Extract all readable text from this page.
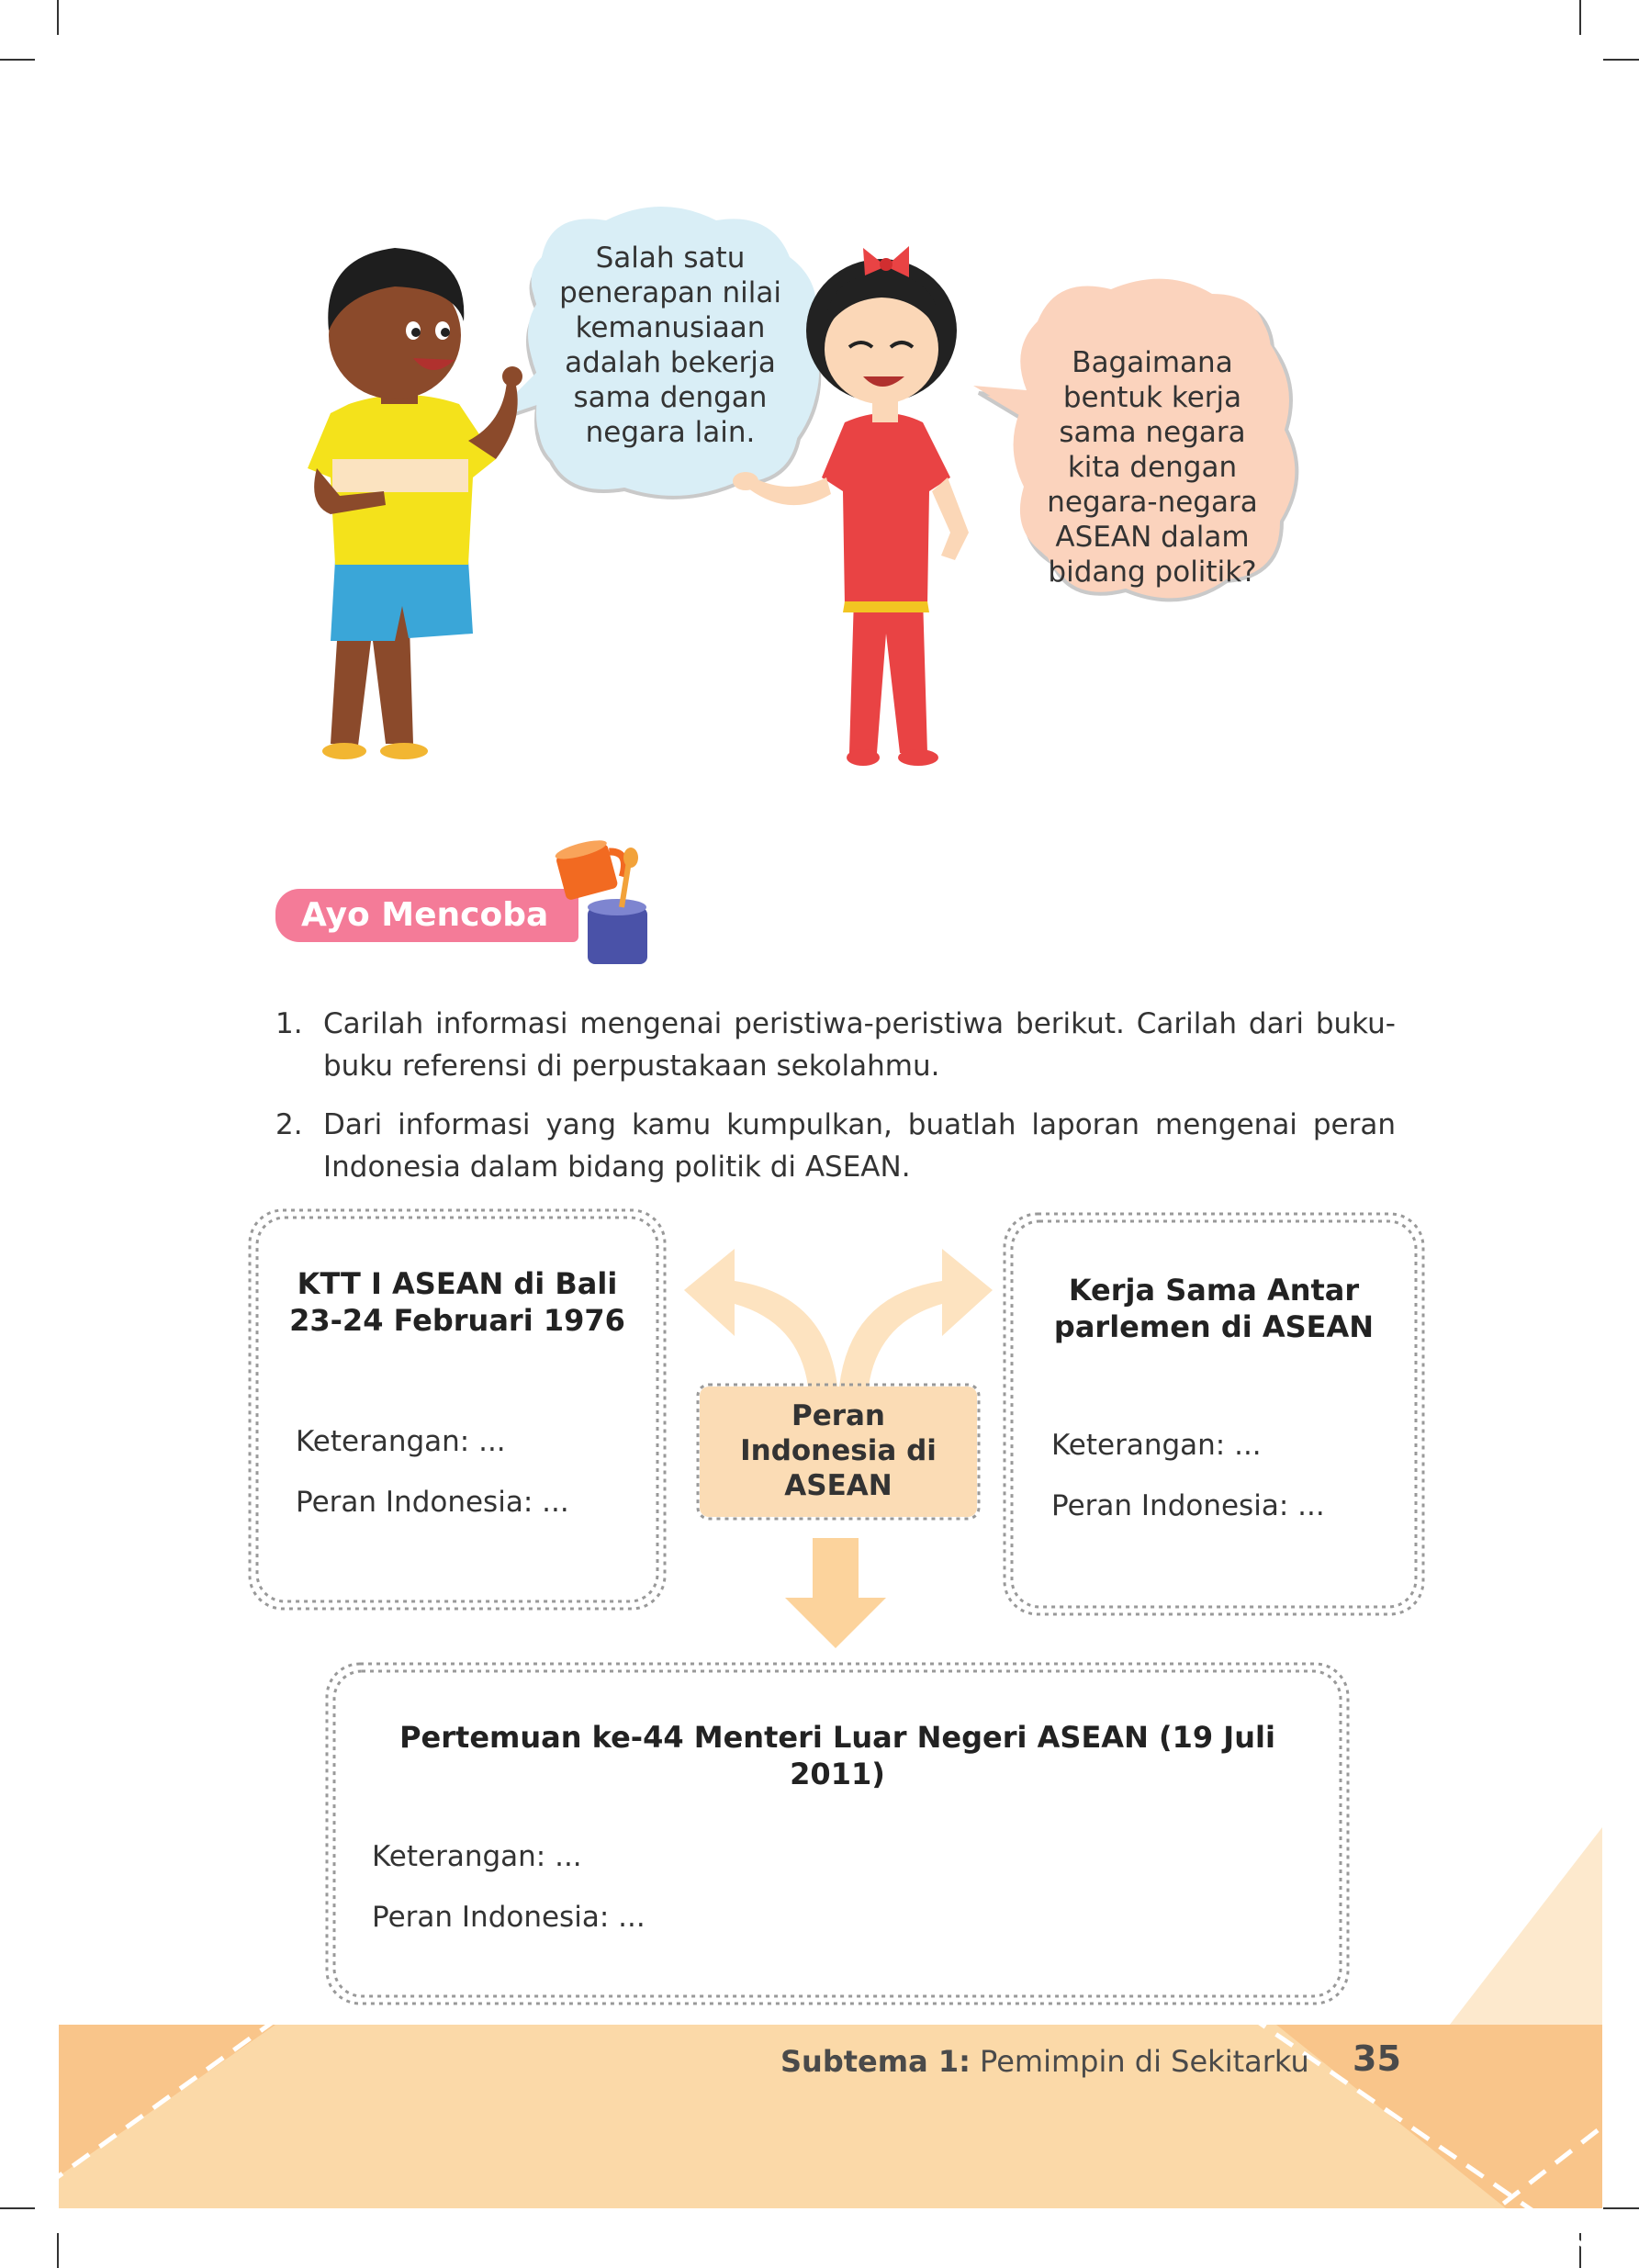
Salah satu
penerapan nilai
kemanusiaan
adalah bekerja
sama dengan
negara lain.
Bagaimana
bentuk kerja
sama negara
kita dengan
negara-negara
ASEAN dalam
bidang politik?
Ayo Mencoba
1. Carilah informasi mengenai peristiwa-peristiwa berikut. Carilah dari buku-buku referensi di perpustakaan sekolahmu.
2. Dari informasi yang kamu kumpulkan, buatlah laporan mengenai peran Indonesia dalam bidang politik di ASEAN.
Peran
Indonesia di
ASEAN
KTT I ASEAN di Bali
23-24 Februari 1976
Keterangan: ...
Peran Indonesia: ...
Kerja Sama Antar
parlemen di ASEAN
Keterangan: ...
Peran Indonesia: ...
Pertemuan ke-44 Menteri Luar Negeri ASEAN (19 Juli 2011)
Keterangan: ...
Peran Indonesia: ...
Subtema 1: Pemimpin di Sekitarku 35
